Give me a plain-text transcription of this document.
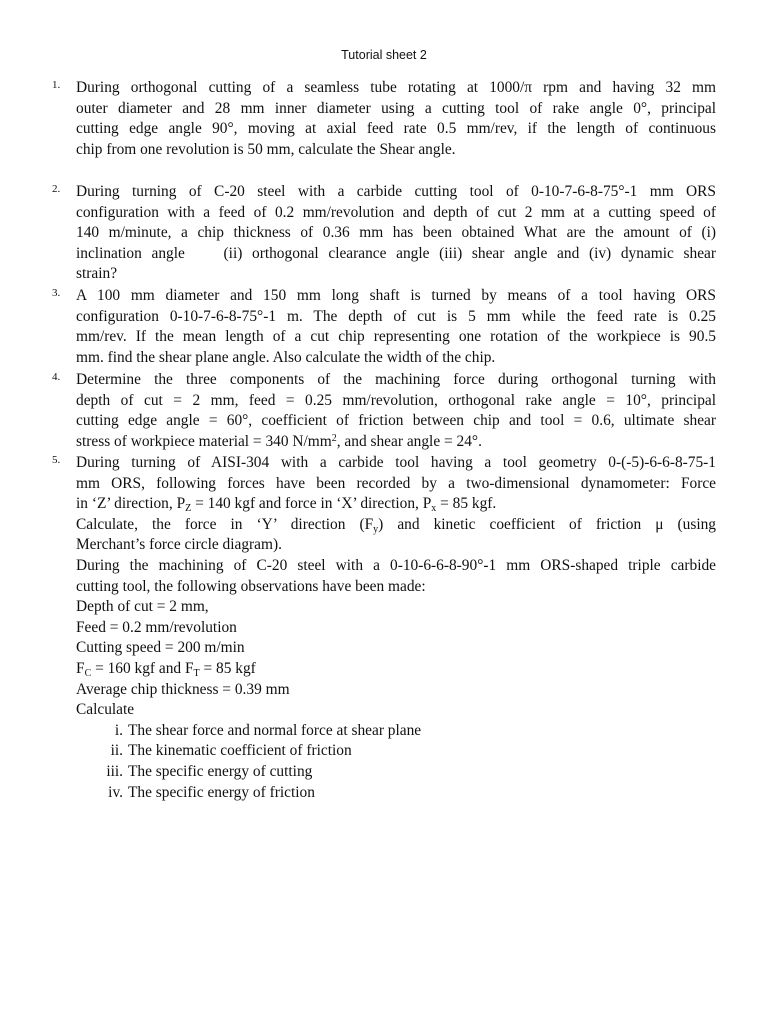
Tutorial sheet 2
1.	During orthogonal cutting of a seamless tube rotating at 1000/π rpm and having 32 mm
outer diameter and 28 mm inner diameter using a cutting tool of rake angle 0°, principal
cutting edge angle 90°, moving at axial feed rate 0.5 mm/rev, if the length of continuous
chip from one revolution is 50 mm, calculate the Shear angle.
2.	During turning of C-20 steel with a carbide cutting tool of 0-10-7-6-8-75°-1 mm ORS
configuration with a feed of 0.2 mm/revolution and depth of cut 2 mm at a cutting speed of
140 m/minute, a chip thickness of 0.36 mm has been obtained What are the amount of (i)
inclination angle    (ii) orthogonal clearance angle (iii) shear angle and (iv) dynamic shear
strain?
3.	A 100 mm diameter and 150 mm long shaft is turned by means of a tool having ORS
configuration 0-10-7-6-8-75°-1 m. The depth of cut is 5 mm while the feed rate is 0.25
mm/rev. If the mean length of a cut chip representing one rotation of the workpiece is 90.5
mm. find the shear plane angle. Also calculate the width of the chip.
4.	Determine the three components of the machining force during orthogonal turning with
depth of cut = 2 mm, feed = 0.25 mm/revolution, orthogonal rake angle = 10°, principal
cutting edge angle = 60°, coefficient of friction between chip and tool = 0.6, ultimate shear
stress of workpiece material = 340 $N/mm^2$, and shear angle = 24°.
5.	During turning of AISI-304 with a carbide tool having a tool geometry 0-(-5)-6-6-8-75-1
mm ORS, following forces have been recorded by a two-dimensional dynamometer: Force
in ‘Z’ direction, $P_Z = 140$ kgf and force in ‘X’ direction, $P_x = 85$ kgf.
Calculate, the force in ‘Y’ direction $(F_y)$ and kinetic coefficient of friction μ (using
Merchant’s force circle diagram).
During the machining of C-20 steel with a 0-10-6-6-8-90°-1 mm ORS-shaped triple carbide
cutting tool, the following observations have been made:
Depth of cut = 2 mm,
Feed = 0.2 mm/revolution
Cutting speed = 200 m/min
$F_C = 160$ kgf and $F_T = 85$ kgf
Average chip thickness = 0.39 mm
Calculate
i. The shear force and normal force at shear plane
ii. The kinematic coefficient of friction
iii. The specific energy of cutting
iv. The specific energy of friction
